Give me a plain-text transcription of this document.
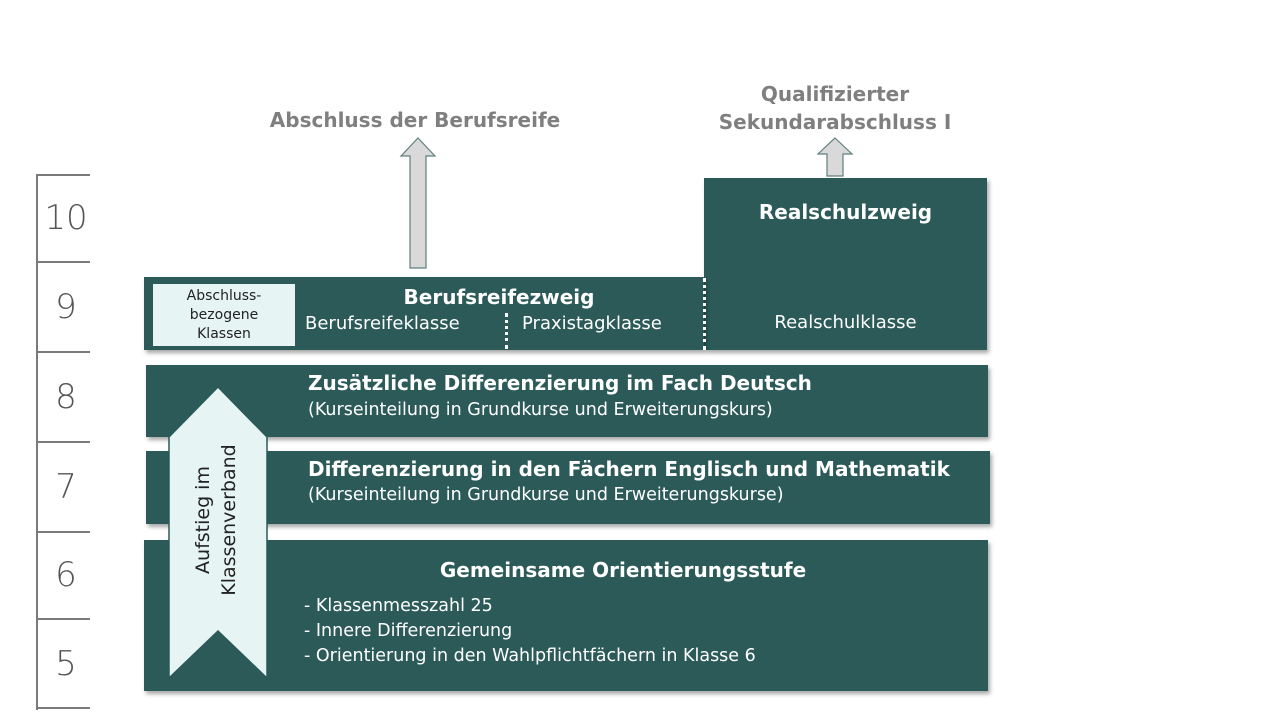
10
9
8
7
6
5
Abschluss der Berufsreife
Qualifizierter
Sekundarabschluss I
Realschulzweig
Realschulklasse
Abschluss-
bezogene
Klassen
Berufsreifezweig
Berufsreifeklasse	Praxistagklasse
Zusätzliche Differenzierung im Fach Deutsch
(Kurseinteilung in Grundkurse und Erweiterungskurs)
Differenzierung in den Fächern Englisch und Mathematik
(Kurseinteilung in Grundkurse und Erweiterungskurse)
Gemeinsame Orientierungsstufe
- Klassenmesszahl 25
- Innere Differenzierung
- Orientierung in den Wahlpflichtfächern in Klasse 6
Aufstieg im Klassenverband
